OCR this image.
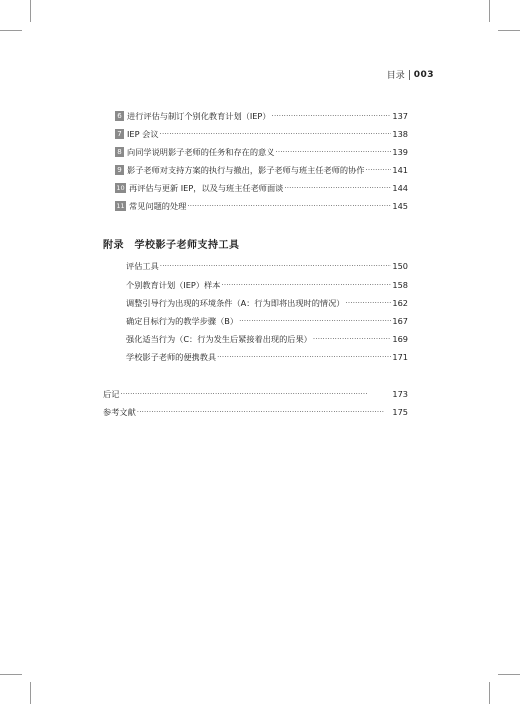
目录 003
6 进行评估与制订个别化教育计划（IEP） ·····	137
7 IEP 会议 ·····	138
8 向同学说明影子老师的任务和存在的意义 ·····	139
9 影子老师对支持方案的执行与撤出，影子老师与班主任老师的协作 ·····	141
10 再评估与更新 IEP，以及与班主任老师面谈 ·····	144
11 常见问题的处理 ·····	145
附录　学校影子老师支持工具
评估工具 ·····	150
个别教育计划（IEP）样本 ·····	158
调整引导行为出现的环境条件（A：行为即将出现时的情况） ·····	162
确定目标行为的教学步骤（B） ·····	167
强化适当行为（C：行为发生后紧接着出现的后果） ·····	169
学校影子老师的便携教具 ·····	171
后记 ·····	173
参考文献 ·····	175
